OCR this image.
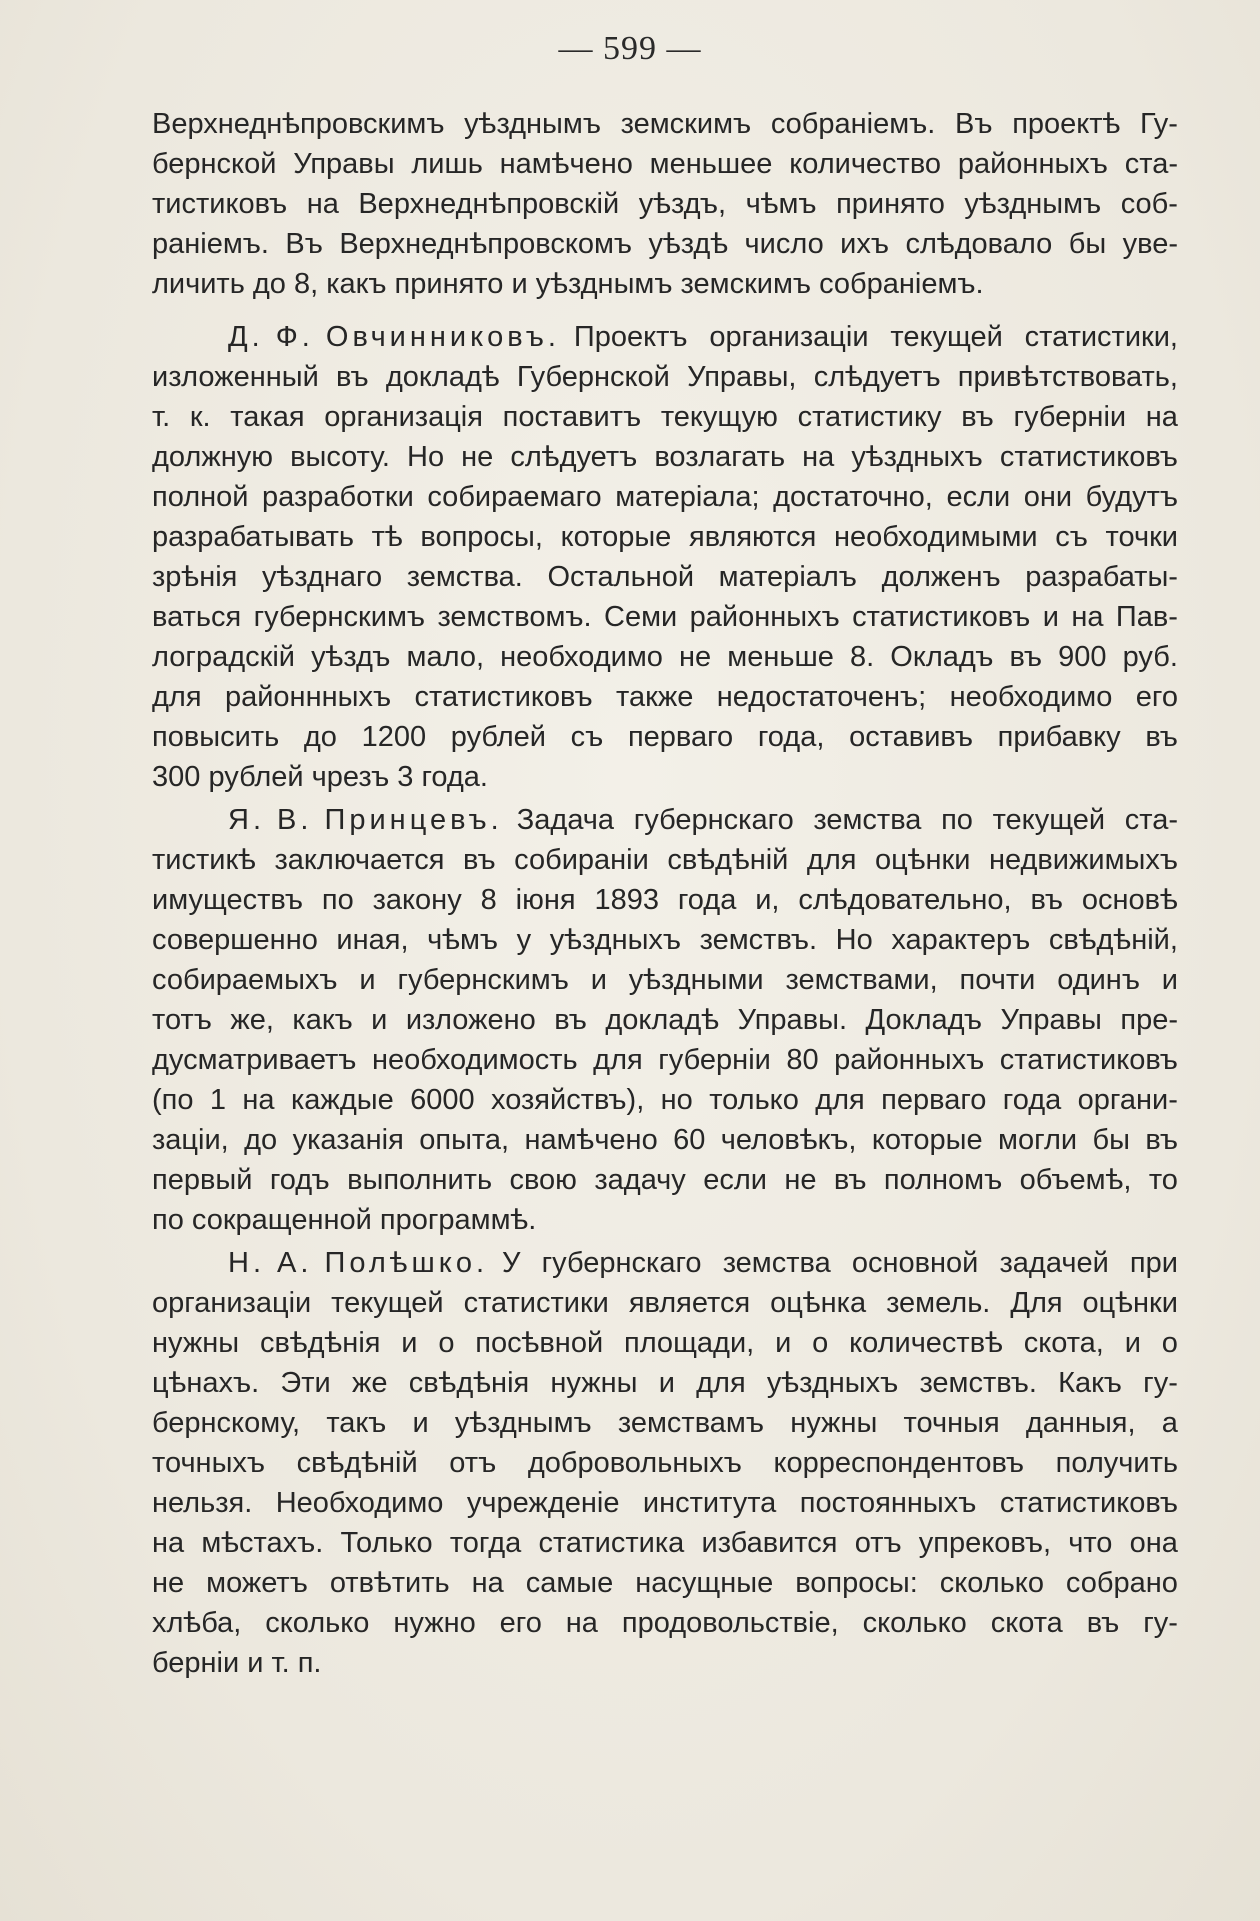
— 599 —
Верхнеднѣпровскимъ уѣзднымъ земскимъ собраніемъ. Въ проектѣ Гу-
бернской Управы лишь намѣчено меньшее количество районныхъ ста-
тистиковъ на Верхнеднѣпровскій уѣздъ, чѣмъ принято уѣзднымъ соб-
раніемъ. Въ Верхнеднѣпровскомъ уѣздѣ число ихъ слѣдовало бы уве-
личить до 8, какъ принято и уѣзднымъ земскимъ собраніемъ.
Д. Ф. Овчинниковъ. Проектъ организаціи текущей статистики,
изложенный въ докладѣ Губернской Управы, слѣдуетъ привѣтствовать,
т. к. такая организація поставитъ текущую статистику въ губерніи на
должную высоту. Но не слѣдуетъ возлагать на уѣздныхъ статистиковъ
полной разработки собираемаго матеріала; достаточно, если они будутъ
разрабатывать тѣ вопросы, которые являются необходимыми съ точки
зрѣнія уѣзднаго земства. Остальной матеріалъ долженъ разрабаты-
ваться губернскимъ земствомъ. Семи районныхъ статистиковъ и на Пав-
лоградскій уѣздъ мало, необходимо не меньше 8. Окладъ въ 900 руб.
для районнныхъ статистиковъ также недостаточенъ; необходимо его
повысить до 1200 рублей съ перваго года, оставивъ прибавку въ
300 рублей чрезъ 3 года.
Я. В. Принцевъ. Задача губернскаго земства по текущей ста-
тистикѣ заключается въ собираніи свѣдѣній для оцѣнки недвижимыхъ
имуществъ по закону 8 іюня 1893 года и, слѣдовательно, въ основѣ
совершенно иная, чѣмъ у уѣздныхъ земствъ. Но характеръ свѣдѣній,
собираемыхъ и губернскимъ и уѣздными земствами, почти одинъ и
тотъ же, какъ и изложено въ докладѣ Управы. Докладъ Управы пре-
дусматриваетъ необходимость для губерніи 80 районныхъ статистиковъ
(по 1 на каждые 6000 хозяйствъ), но только для перваго года органи-
заціи, до указанія опыта, намѣчено 60 человѣкъ, которые могли бы въ
первый годъ выполнить свою задачу если не въ полномъ объемѣ, то
по сокращенной программѣ.
Н. А. Полѣшко. У губернскаго земства основной задачей при
организаціи текущей статистики является оцѣнка земель. Для оцѣнки
нужны свѣдѣнія и о посѣвной площади, и о количествѣ скота, и о
цѣнахъ. Эти же свѣдѣнія нужны и для уѣздныхъ земствъ. Какъ гу-
бернскому, такъ и уѣзднымъ земствамъ нужны точныя данныя, а
точныхъ свѣдѣній отъ добровольныхъ корреспондентовъ получить
нельзя. Необходимо учрежденіе института постоянныхъ статистиковъ
на мѣстахъ. Только тогда статистика избавится отъ упрековъ, что она
не можетъ отвѣтить на самые насущные вопросы: сколько собрано
хлѣба, сколько нужно его на продовольствіе, сколько скота въ гу-
берніи и т. п.
